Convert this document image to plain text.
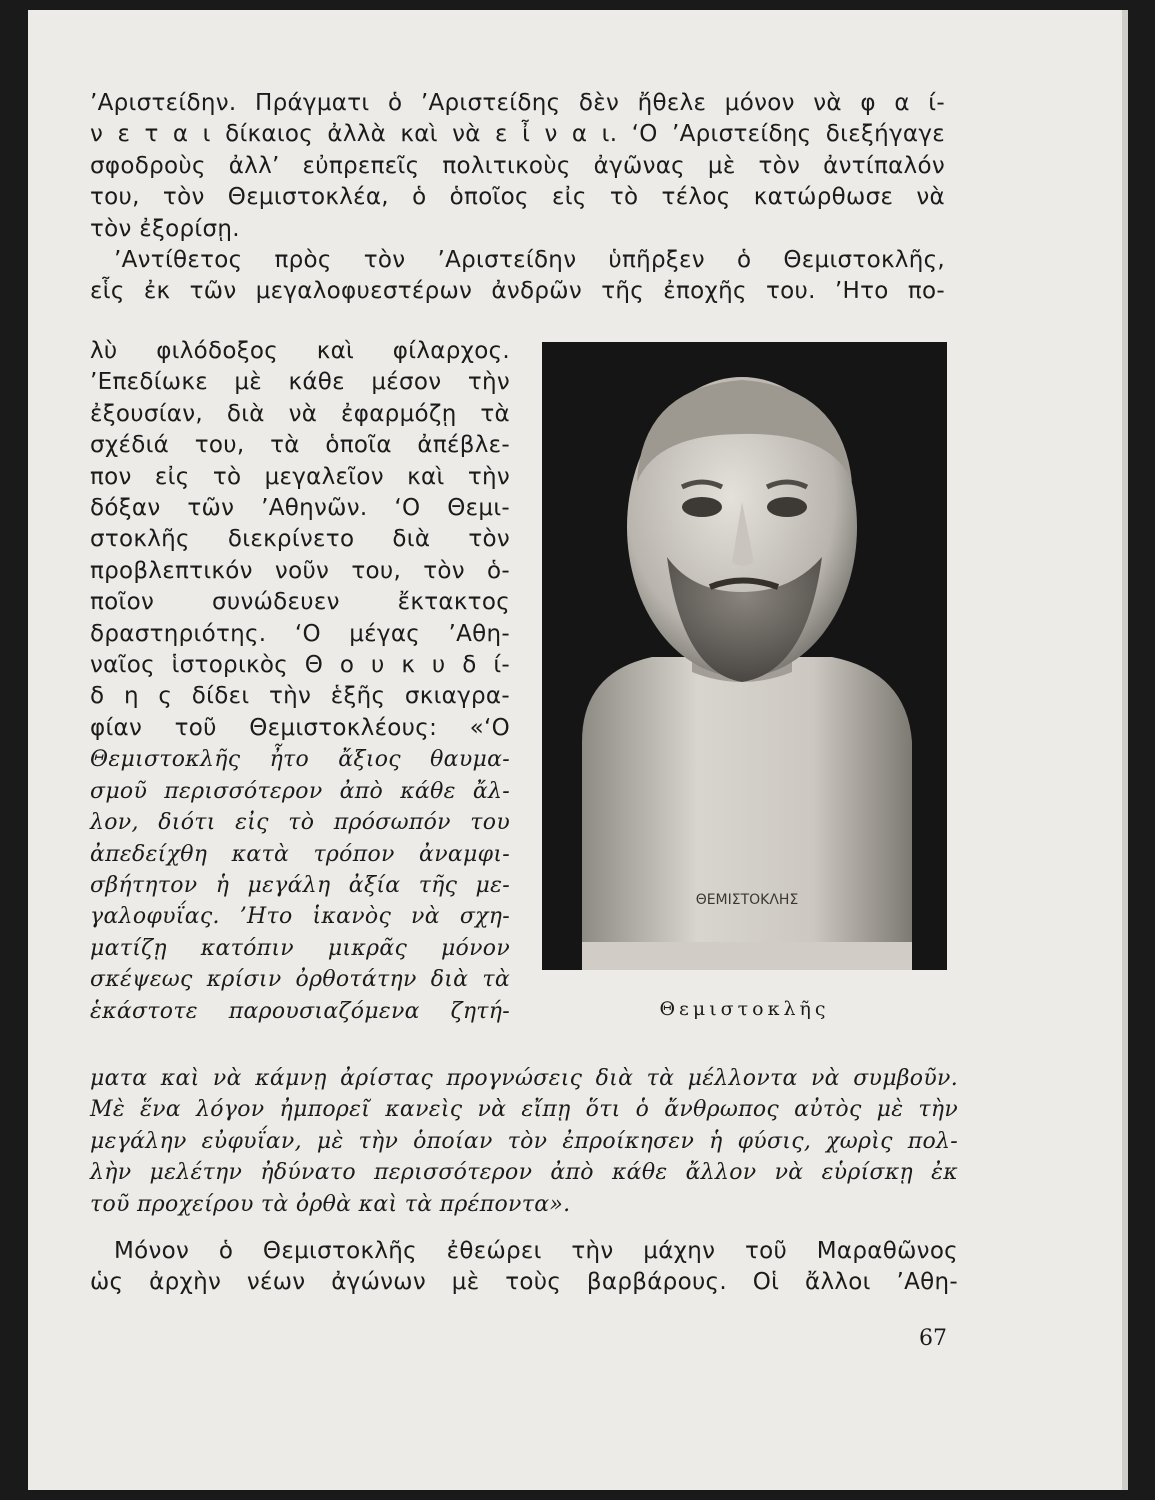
’Αριστείδην. Πράγματι ὁ ’Αριστείδης δὲν ἤθελε μόνον νὰ φ α ί-
ν ε τ α ι δίκαιος ἀλλὰ καὶ νὰ ε ἶ ν α ι. ‘Ο ’Αριστείδης διεξήγαγε
σφοδροὺς ἀλλ’ εὐπρεπεῖς πολιτικοὺς ἀγῶνας μὲ τὸν ἀντίπαλόν
του, τὸν Θεμιστοκλέα, ὁ ὁποῖος εἰς τὸ τέλος κατώρθωσε νὰ
τὸν ἐξορίσῃ.
’Αντίθετος πρὸς τὸν ’Αριστείδην ὑπῆρξεν ὁ Θεμιστοκλῆς,
εἷς ἐκ τῶν μεγαλοφυεστέρων ἀνδρῶν τῆς ἐποχῆς του. ’Ητο πο-
λὺ φιλόδοξος καὶ φίλαρχος.
’Επεδίωκε μὲ κάθε μέσον τὴν
ἐξουσίαν, διὰ νὰ ἐφαρμόζῃ τὰ
σχέδιά του, τὰ ὁποῖα ἀπέβλε-
πον εἰς τὸ μεγαλεῖον καὶ τὴν
δόξαν τῶν ’Αθηνῶν. ‘Ο Θεμι-
στοκλῆς διεκρίνετο διὰ τὸν
προβλεπτικόν νοῦν του, τὸν ὁ-
ποῖον συνώδευεν ἔκτακτος
δραστηριότης. ‘Ο μέγας ’Αθη-
ναῖος ἱστορικὸς Θ ο υ κ υ δ ί-
δ η ς δίδει τὴν ἑξῆς σκιαγρα-
φίαν τοῦ Θεμιστοκλέους: «‘Ο
Θεμιστοκλῆς ἦτο ἄξιος θαυμα-
σμοῦ περισσότερον ἀπὸ κάθε ἄλ-
λον, διότι εἰς τὸ πρόσωπόν του
ἀπεδείχθη κατὰ τρόπον ἀναμφι-
σβήτητον ἡ μεγάλη ἀξία τῆς με-
γαλοφυΐας. ’Ητο ἱκανὸς νὰ σχη-
ματίζῃ κατόπιν μικρᾶς μόνον
σκέψεως κρίσιν ὀρθοτάτην διὰ τὰ
ἑκάστοτε παρουσιαζόμενα ζητή-
ΘΕΜΙΣΤΟΚΛΗΣ

Θεμιστοκλῆς

ματα καὶ νὰ κάμνῃ ἀρίστας προγνώσεις διὰ τὰ μέλλοντα νὰ συμβοῦν.
Μὲ ἕνα λόγον ἠμπορεῖ κανεὶς νὰ εἴπῃ ὅτι ὁ ἄνθρωπος αὐτὸς μὲ τὴν
μεγάλην εὐφυΐαν, μὲ τὴν ὁποίαν τὸν ἐπροίκησεν ἡ φύσις, χωρὶς πολ-
λὴν μελέτην ἠδύνατο περισσότερον ἀπὸ κάθε ἄλλον νὰ εὑρίσκῃ ἐκ
τοῦ προχείρου τὰ ὀρθὰ καὶ τὰ πρέποντα».
Μόνον ὁ Θεμιστοκλῆς ἐθεώρει τὴν μάχην τοῦ Μαραθῶνος
ὡς ἀρχὴν νέων ἀγώνων μὲ τοὺς βαρβάρους. Οἱ ἄλλοι ’Αθη-

67
